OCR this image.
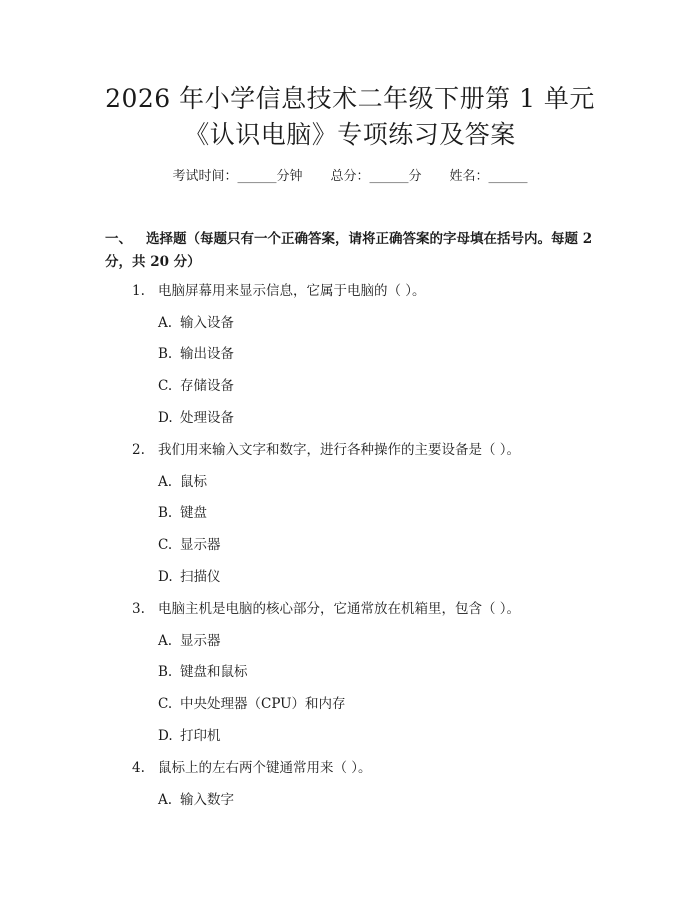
2026 年小学信息技术二年级下册第 1 单元
《认识电脑》专项练习及答案
考试时间：______分钟 总分：______分 姓名：______
一、 选择题（每题只有一个正确答案，请将正确答案的字母填在括号内。每题 2 分，共 20 分）
1. 电脑屏幕用来显示信息，它属于电脑的（ ）。
A. 输入设备
B. 输出设备
C. 存储设备
D. 处理设备
2. 我们用来输入文字和数字，进行各种操作的主要设备是（ ）。
A. 鼠标
B. 键盘
C. 显示器
D. 扫描仪
3. 电脑主机是电脑的核心部分，它通常放在机箱里，包含（ ）。
A. 显示器
B. 键盘和鼠标
C. 中央处理器（CPU）和内存
D. 打印机
4. 鼠标上的左右两个键通常用来（ ）。
A. 输入数字
